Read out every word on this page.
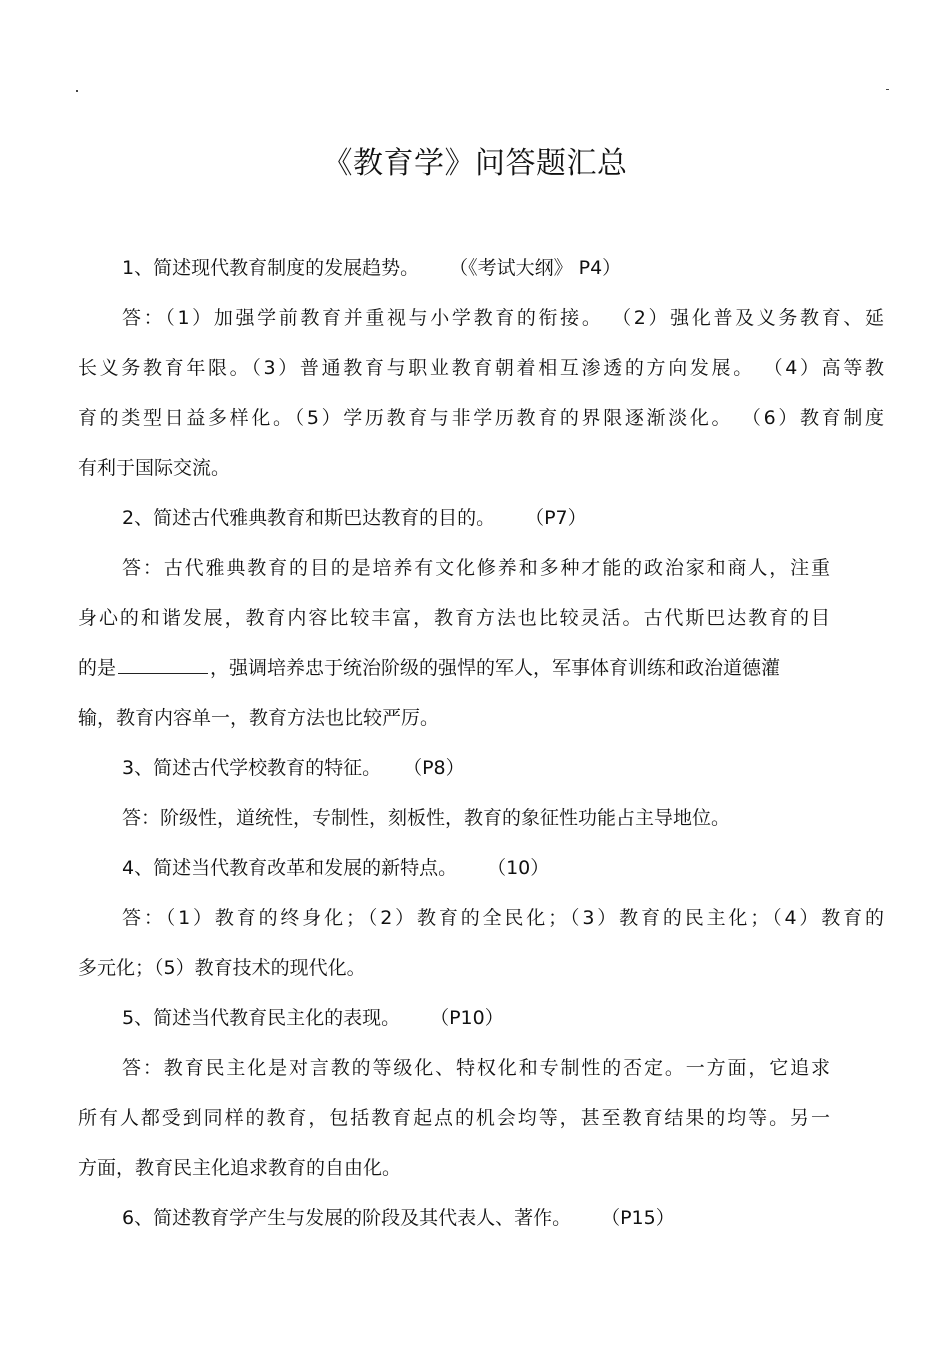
《教育学》问答题汇总
1、简述现代教育制度的发展趋势。 （《考试大纲》 P4）
答：（1）加强学前教育并重视与小学教育的衔接。 （2）强化普及义务教育、延
长义务教育年限。（3）普通教育与职业教育朝着相互渗透的方向发展。 （4）高等教
育的类型日益多样化。（5）学历教育与非学历教育的界限逐渐淡化。 （6）教育制度
有利于国际交流。
2、简述古代雅典教育和斯巴达教育的目的。 （P7）
答：古代雅典教育的目的是培养有文化修养和多种才能的政治家和商人，注重
身心的和谐发展，教育内容比较丰富，教育方法也比较灵活。古代斯巴达教育的目
的是	，强调培养忠于统治阶级的强悍的军人，军事体育训练和政治道德灌
输，教育内容单一，教育方法也比较严厉。
3、简述古代学校教育的特征。 （P8）
答：阶级性，道统性，专制性，刻板性，教育的象征性功能占主导地位。
4、简述当代教育改革和发展的新特点。 （10）
答：（1）教育的终身化；（2）教育的全民化；（3）教育的民主化；（4）教育的
多元化；（5）教育技术的现代化。
5、简述当代教育民主化的表现。 （P10）
答：教育民主化是对言教的等级化、特权化和专制性的否定。一方面，它追求
所有人都受到同样的教育，包括教育起点的机会均等，甚至教育结果的均等。另一
方面，教育民主化追求教育的自由化。
6、简述教育学产生与发展的阶段及其代表人、著作。 （P15）
